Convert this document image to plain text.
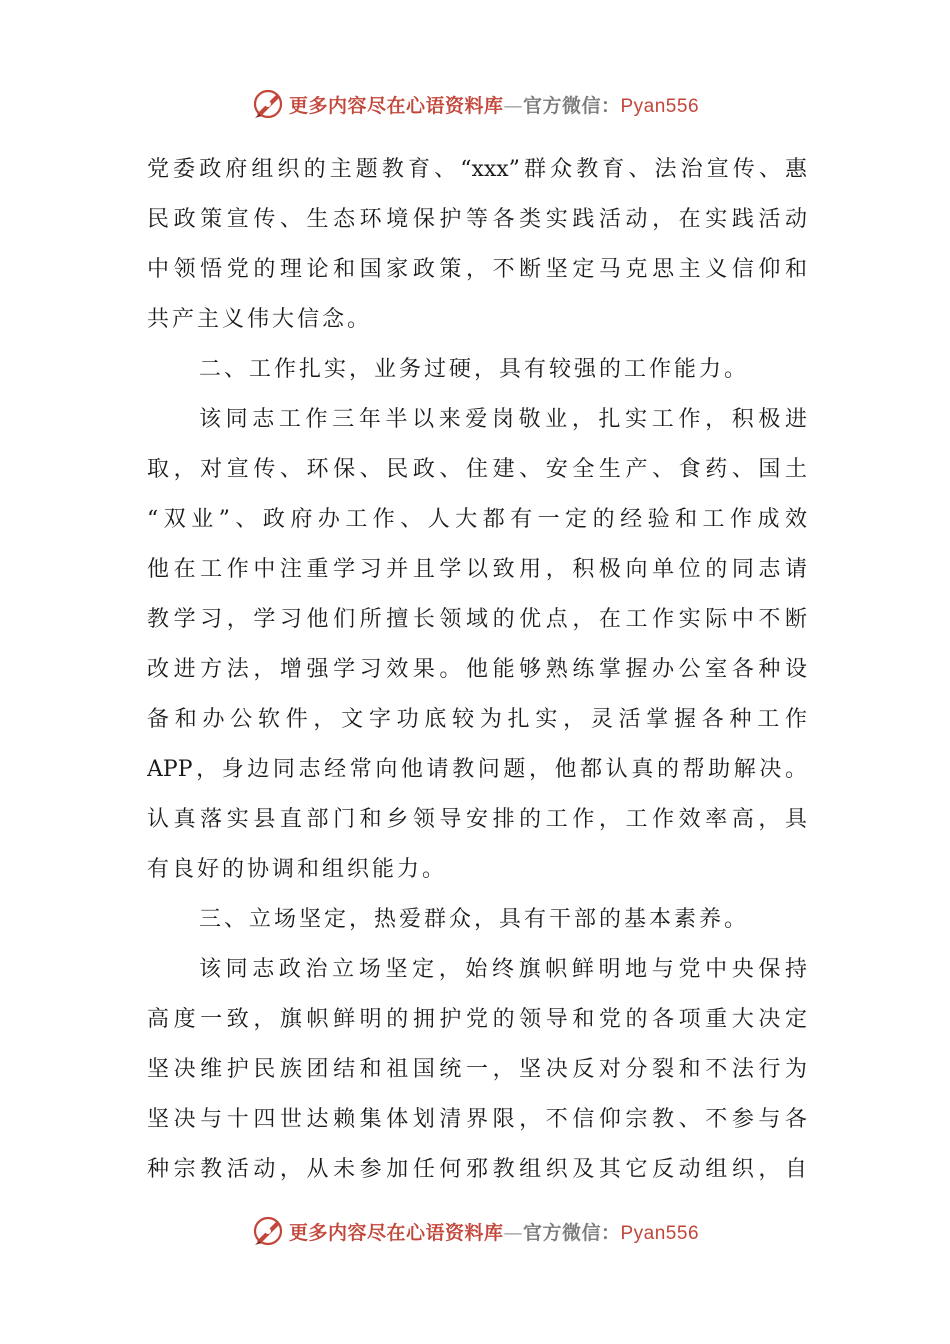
更多内容尽在心语资料库—官方微信：Pyan556
党委政府组织的主题教育、“xxx”群众教育、法治宣传、惠
民政策宣传、生态环境保护等各类实践活动，在实践活动
中领悟党的理论和国家政策，不断坚定马克思主义信仰和
共产主义伟大信念。
二、工作扎实，业务过硬，具有较强的工作能力。
该同志工作三年半以来爱岗敬业，扎实工作，积极进
取，对宣传、环保、民政、住建、安全生产、食药、国土
“双业”、政府办工作、人大都有一定的经验和工作成效
他在工作中注重学习并且学以致用，积极向单位的同志请
教学习，学习他们所擅长领域的优点，在工作实际中不断
改进方法，增强学习效果。他能够熟练掌握办公室各种设
备和办公软件，文字功底较为扎实，灵活掌握各种工作
APP，身边同志经常向他请教问题，他都认真的帮助解决。
认真落实县直部门和乡领导安排的工作，工作效率高，具
有良好的协调和组织能力。
三、立场坚定，热爱群众，具有干部的基本素养。
该同志政治立场坚定，始终旗帜鲜明地与党中央保持
高度一致，旗帜鲜明的拥护党的领导和党的各项重大决定
坚决维护民族团结和祖国统一，坚决反对分裂和不法行为
坚决与十四世达赖集体划清界限，不信仰宗教、不参与各
种宗教活动，从未参加任何邪教组织及其它反动组织，自
更多内容尽在心语资料库—官方微信：Pyan556
